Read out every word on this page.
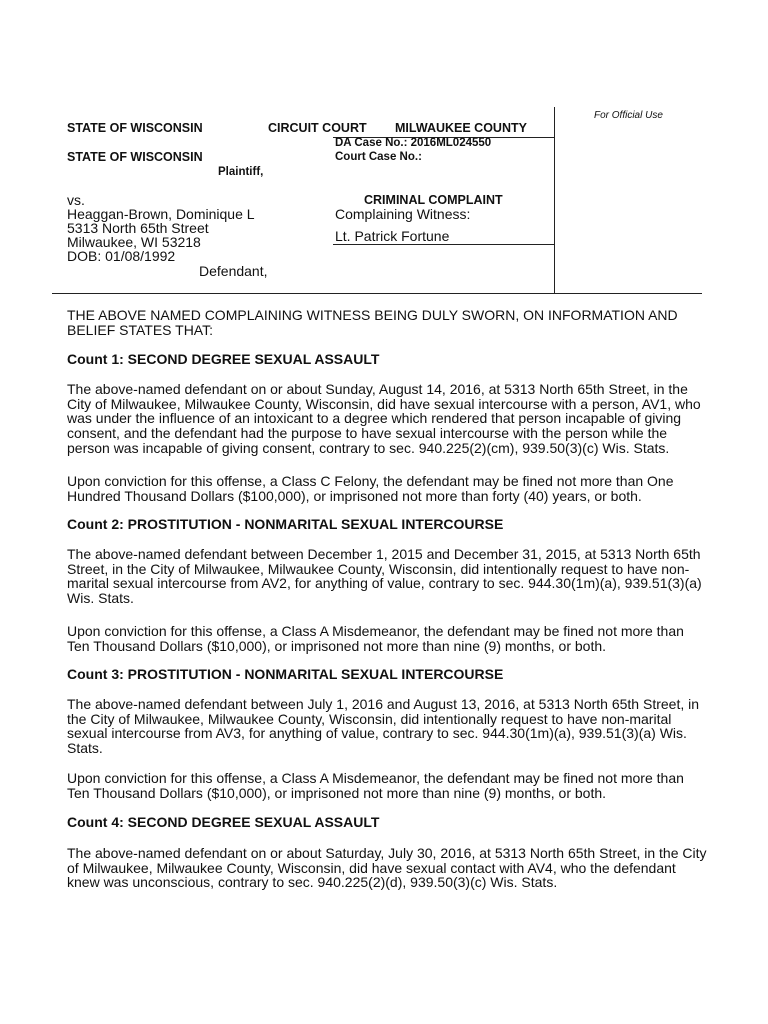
For Official Use
STATE OF WISCONSIN	CIRCUIT COURT MILWAUKEE COUNTY
DA Case No.: 2016ML024550
Court Case No.:
STATE OF WISCONSIN
Plaintiff,
vs.
Heaggan-Brown, Dominique L
5313 North 65th Street
Milwaukee, WI 53218
DOB: 01/08/1992
Defendant,
CRIMINAL COMPLAINT
Complaining Witness:
Lt. Patrick Fortune
THE ABOVE NAMED COMPLAINING WITNESS BEING DULY SWORN, ON INFORMATION AND
BELIEF STATES THAT:
Count 1: SECOND DEGREE SEXUAL ASSAULT
The above-named defendant on or about Sunday, August 14, 2016, at 5313 North 65th Street, in the
City of Milwaukee, Milwaukee County, Wisconsin, did have sexual intercourse with a person, AV1, who
was under the influence of an intoxicant to a degree which rendered that person incapable of giving
consent, and the defendant had the purpose to have sexual intercourse with the person while the
person was incapable of giving consent, contrary to sec. 940.225(2)(cm), 939.50(3)(c) Wis. Stats.
Upon conviction for this offense, a Class C Felony, the defendant may be fined not more than One
Hundred Thousand Dollars ($100,000), or imprisoned not more than forty (40) years, or both.
Count 2: PROSTITUTION - NONMARITAL SEXUAL INTERCOURSE
The above-named defendant between December 1, 2015 and December 31, 2015, at 5313 North 65th
Street, in the City of Milwaukee, Milwaukee County, Wisconsin, did intentionally request to have non-
marital sexual intercourse from AV2, for anything of value, contrary to sec. 944.30(1m)(a), 939.51(3)(a)
Wis. Stats.
Upon conviction for this offense, a Class A Misdemeanor, the defendant may be fined not more than
Ten Thousand Dollars ($10,000), or imprisoned not more than nine (9) months, or both.
Count 3: PROSTITUTION - NONMARITAL SEXUAL INTERCOURSE
The above-named defendant between July 1, 2016 and August 13, 2016, at 5313 North 65th Street, in
the City of Milwaukee, Milwaukee County, Wisconsin, did intentionally request to have non-marital
sexual intercourse from AV3, for anything of value, contrary to sec. 944.30(1m)(a), 939.51(3)(a) Wis.
Stats.
Upon conviction for this offense, a Class A Misdemeanor, the defendant may be fined not more than
Ten Thousand Dollars ($10,000), or imprisoned not more than nine (9) months, or both.
Count 4: SECOND DEGREE SEXUAL ASSAULT
The above-named defendant on or about Saturday, July 30, 2016, at 5313 North 65th Street, in the City
of Milwaukee, Milwaukee County, Wisconsin, did have sexual contact with AV4, who the defendant
knew was unconscious, contrary to sec. 940.225(2)(d), 939.50(3)(c) Wis. Stats.
